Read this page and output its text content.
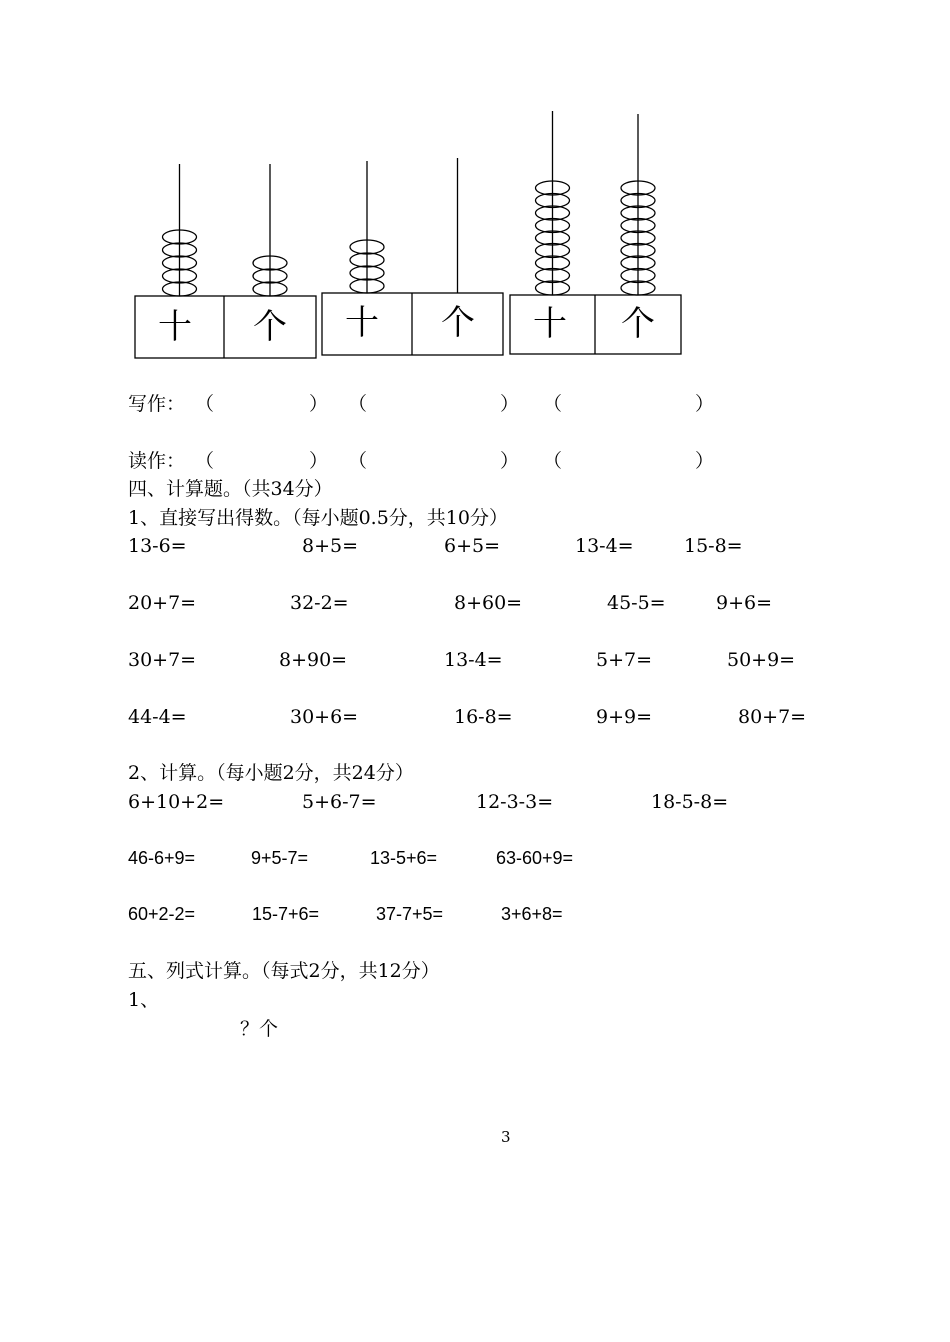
十 个 十 个 十 个
写作： （　　　　　） （　　　　　　　） （　　　　　　　）
读作： （　　　　　） （　　　　　　　） （　　　　　　　）
四、计算题。（共34分）
1、直接写出得数。（每小题0.5分，共10分）
13-6=	8+5=	6+5=	13-4=	15-8=
20+7=	32-2=	8+60=	45-5=	9+6=
30+7=	8+90=	13-4=	5+7=	50+9=
44-4=	30+6=	16-8=	9+9=	80+7=
2、计算。（每小题2分，共24分）
6+10+2=	5+6-7=	12-3-3=	18-5-8=
46-6+9=	9+5-7=	13-5+6=	63-60+9=
60+2-2=	15-7+6=	37-7+5=	3+6+8=
五、列式计算。（每式2分，共12分）
1、
？个
3
